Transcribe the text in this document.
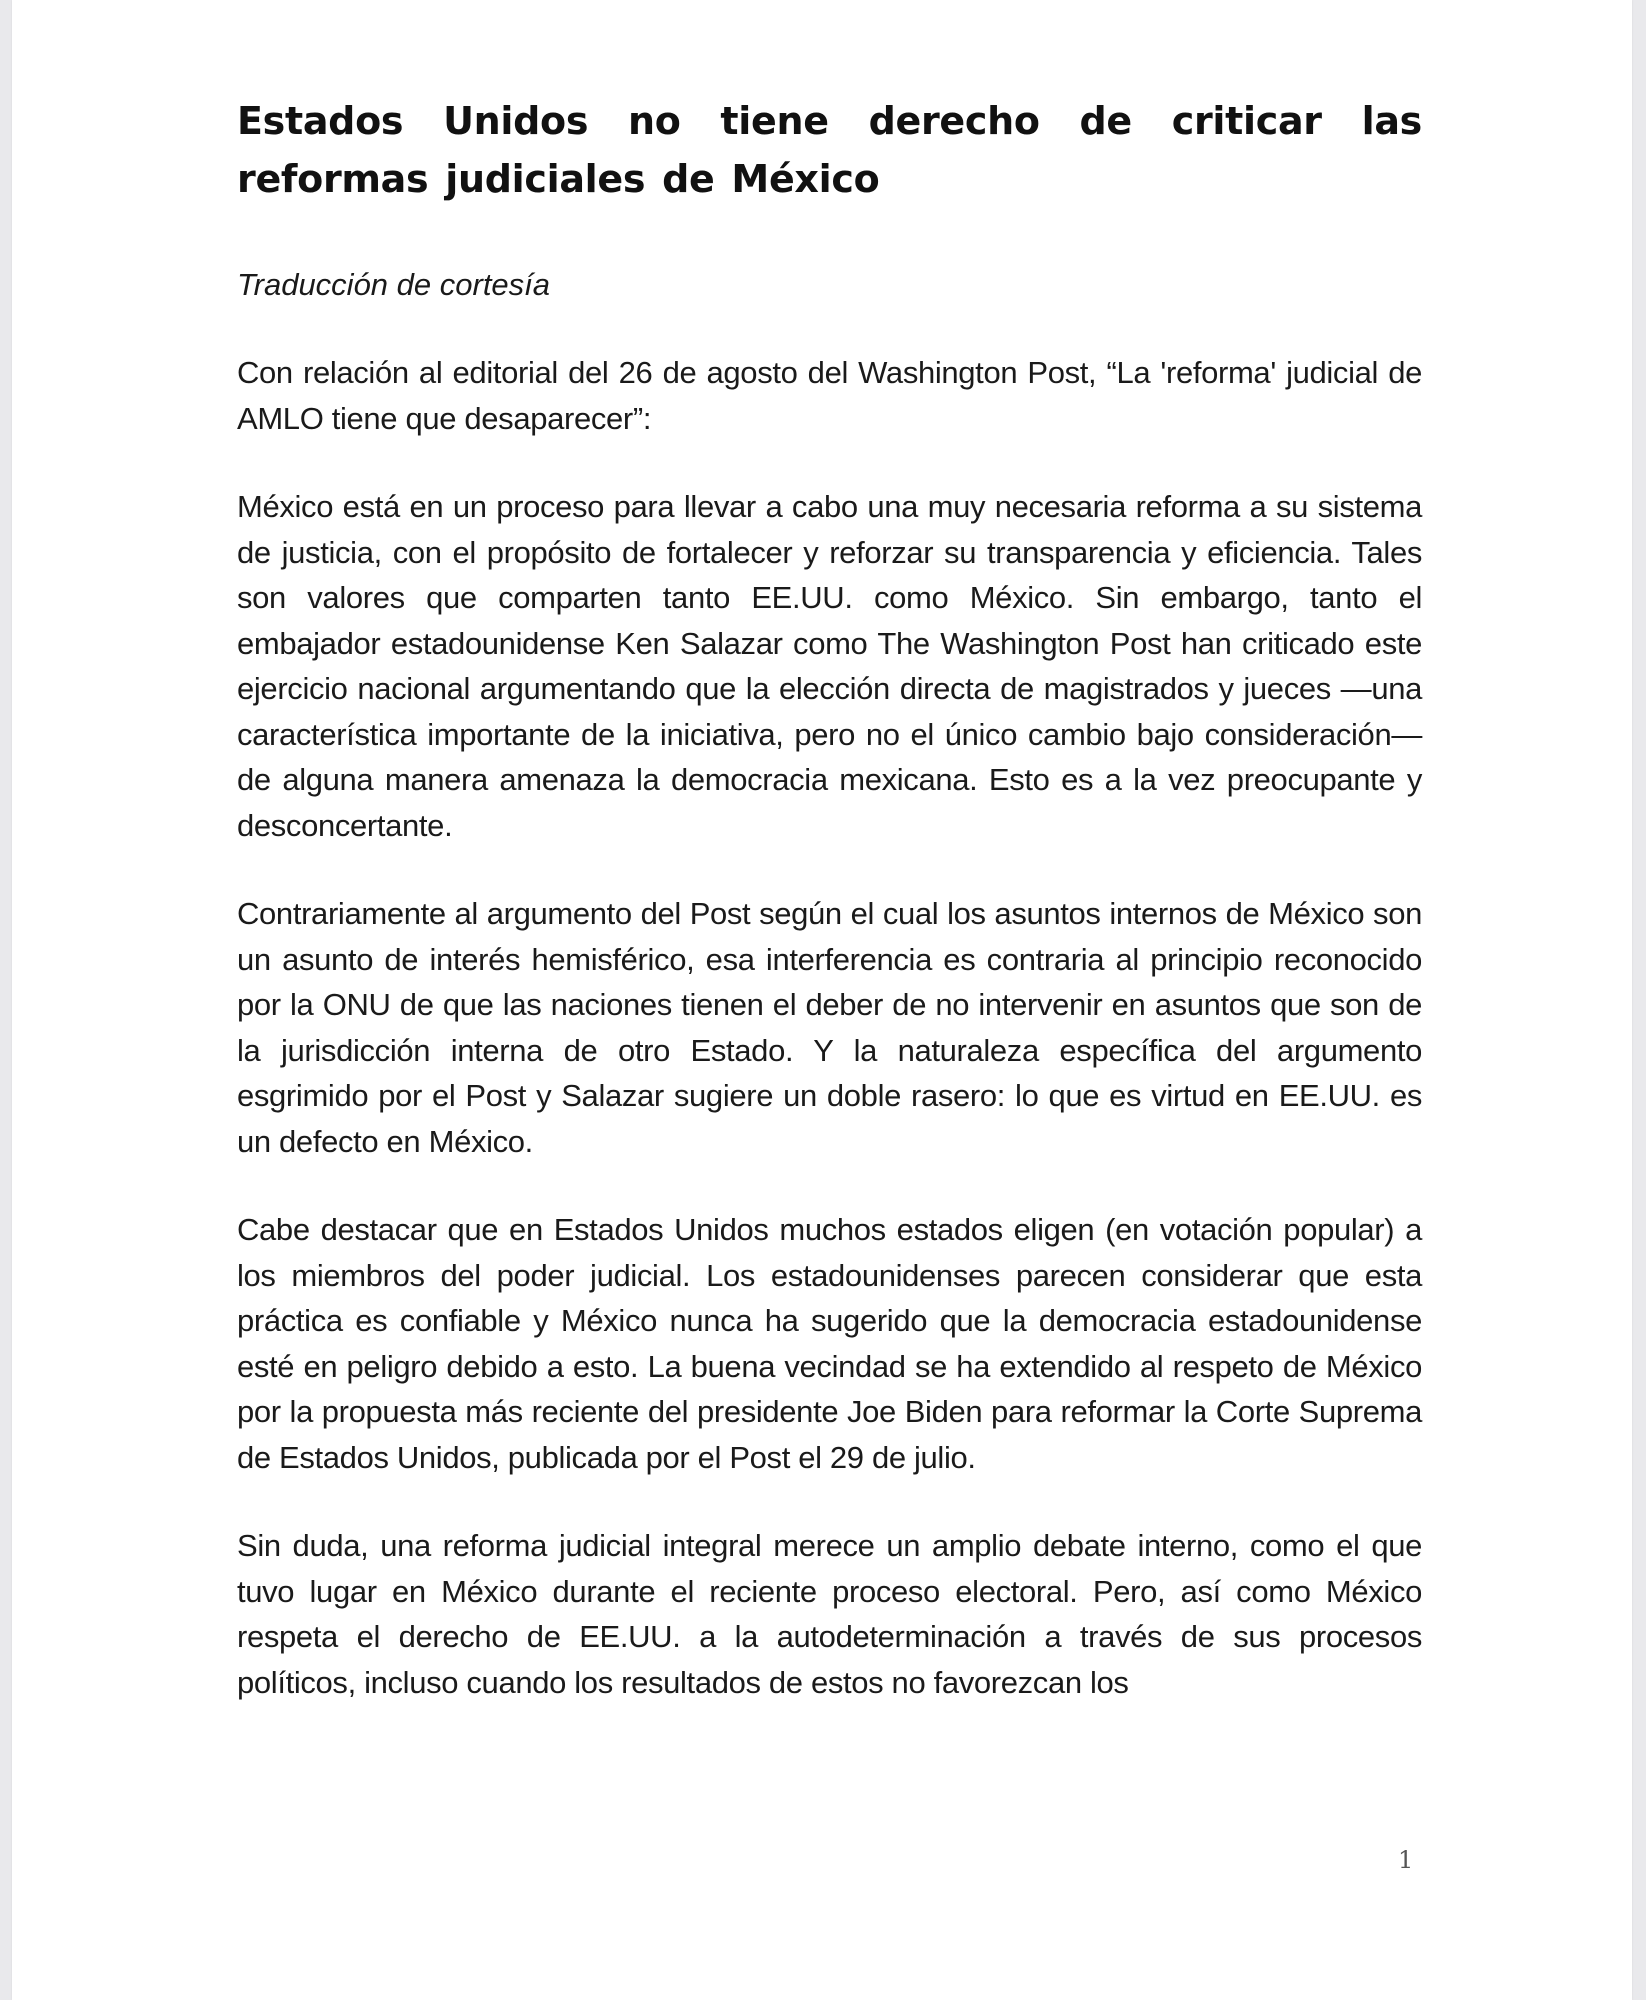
Estados Unidos no tiene derecho de criticar las reformas judiciales de México

Traducción de cortesía

Con relación al editorial del 26 de agosto del Washington Post, “La 'reforma' judicial de AMLO tiene que desaparecer”:

México está en un proceso para llevar a cabo una muy necesaria reforma a su sistema de justicia, con el propósito de fortalecer y reforzar su transparencia y eficiencia. Tales son valores que comparten tanto EE.UU. como México. Sin embargo, tanto el embajador estadounidense Ken Salazar como The Washington Post han criticado este ejercicio nacional argumentando que la elección directa de magistrados y jueces —una característica importante de la iniciativa, pero no el único cambio bajo consideración— de alguna manera amenaza la democracia mexicana. Esto es a la vez preocupante y desconcertante.

Contrariamente al argumento del Post según el cual los asuntos internos de México son un asunto de interés hemisférico, esa interferencia es contraria al principio reconocido por la ONU de que las naciones tienen el deber de no intervenir en asuntos que son de la jurisdicción interna de otro Estado. Y la naturaleza específica del argumento esgrimido por el Post y Salazar sugiere un doble rasero: lo que es virtud en EE.UU. es un defecto en México.

Cabe destacar que en Estados Unidos muchos estados eligen (en votación popular) a los miembros del poder judicial. Los estadounidenses parecen considerar que esta práctica es confiable y México nunca ha sugerido que la democracia estadounidense esté en peligro debido a esto. La buena vecindad se ha extendido al respeto de México por la propuesta más reciente del presidente Joe Biden para reformar la Corte Suprema de Estados Unidos, publicada por el Post el 29 de julio.

Sin duda, una reforma judicial integral merece un amplio debate interno, como el que tuvo lugar en México durante el reciente proceso electoral. Pero, así como México respeta el derecho de EE.UU. a la autodeterminación a través de sus procesos políticos, incluso cuando los resultados de estos no favorezcan los

1
